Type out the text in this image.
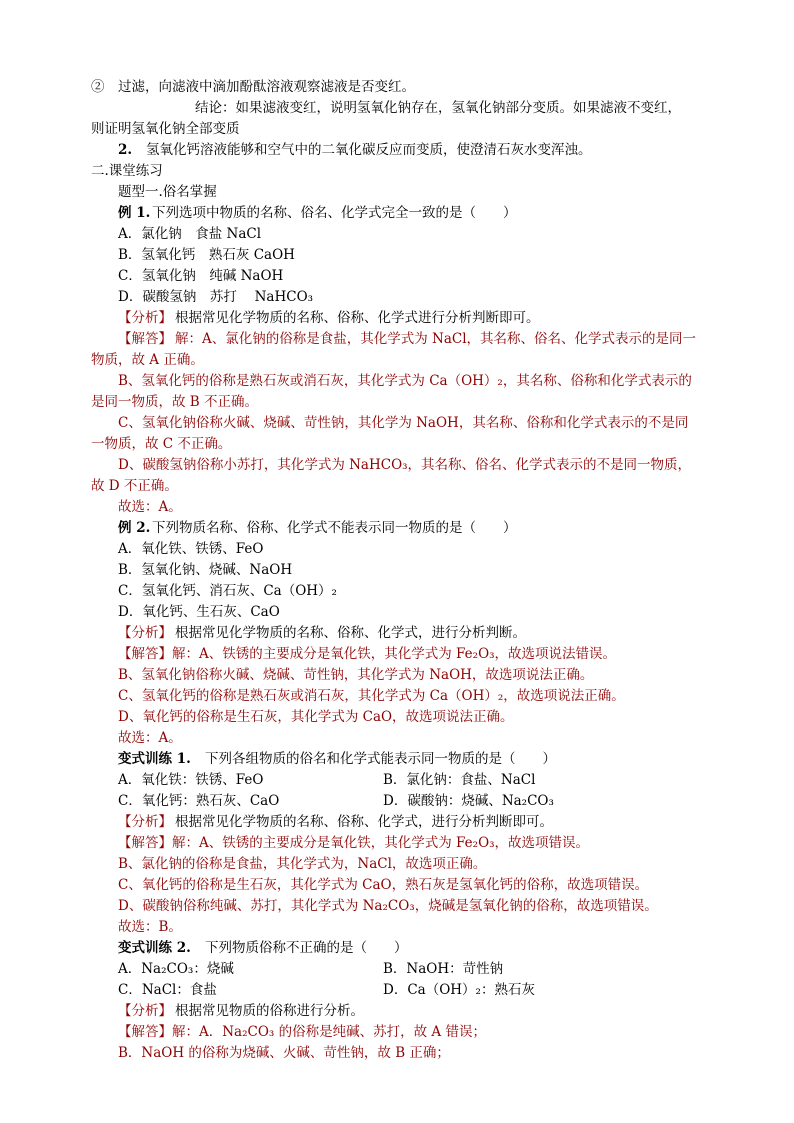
②　过滤，向滤液中滴加酚酞溶液观察滤液是否变红。
结论：如果滤液变红，说明氢氧化钠存在，氢氧化钠部分变质。如果滤液不变红，
则证明氢氧化钠全部变质
2. 氢氧化钙溶液能够和空气中的二氧化碳反应而变质，使澄清石灰水变浑浊。
二.课堂练习
题型一.俗名掌握
例 1. 下列选项中物质的名称、俗名、化学式完全一致的是（　　）
A．氯化钠　食盐 NaCl
B．氢氧化钙　熟石灰 CaOH
C．氢氧化钠　纯碱 NaOH
D．碳酸氢钠　苏打　 NaHCO₃
【分析】 根据常见化学物质的名称、俗称、化学式进行分析判断即可。
【解答】 解：A、氯化钠的俗称是食盐，其化学式为 NaCl，其名称、俗名、化学式表示的是同一
物质，故 A 正确。
B、氢氧化钙的俗称是熟石灰或消石灰，其化学式为 Ca（OH）₂，其名称、俗称和化学式表示的
是同一物质，故 B 不正确。
C、氢氧化钠俗称火碱、烧碱、苛性钠，其化学为 NaOH，其名称、俗称和化学式表示的不是同
一物质，故 C 不正确。
D、碳酸氢钠俗称小苏打，其化学式为 NaHCO₃，其名称、俗名、化学式表示的不是同一物质，
故 D 不正确。
故选：A。
例 2. 下列物质名称、俗称、化学式不能表示同一物质的是（　　）
A．氧化铁、铁锈、FeO
B．氢氧化钠、烧碱、NaOH
C．氢氧化钙、消石灰、Ca（OH）₂
D．氧化钙、生石灰、CaO
【分析】 根据常见化学物质的名称、俗称、化学式，进行分析判断。
【解答】解：A、铁锈的主要成分是氧化铁，其化学式为 Fe₂O₃，故选项说法错误。
B、氢氧化钠俗称火碱、烧碱、苛性钠，其化学式为 NaOH，故选项说法正确。
C、氢氧化钙的俗称是熟石灰或消石灰，其化学式为 Ca（OH）₂，故选项说法正确。
D、氧化钙的俗称是生石灰，其化学式为 CaO，故选项说法正确。
故选：A。
变式训练 1. 下列各组物质的俗名和化学式能表示同一物质的是（　　）
A．氧化铁：铁锈、FeO	B．氯化钠：食盐、NaCl
C．氧化钙：熟石灰、CaO	D．碳酸钠：烧碱、Na₂CO₃
【分析】 根据常见化学物质的名称、俗称、化学式，进行分析判断即可。
【解答】解：A、铁锈的主要成分是氧化铁，其化学式为 Fe₂O₃，故选项错误。
B、氯化钠的俗称是食盐，其化学式为，NaCl，故选项正确。
C、氧化钙的俗称是生石灰，其化学式为 CaO，熟石灰是氢氧化钙的俗称，故选项错误。
D、碳酸钠俗称纯碱、苏打，其化学式为 Na₂CO₃，烧碱是氢氧化钠的俗称，故选项错误。
故选：B。
变式训练 2. 下列物质俗称不正确的是（　　）
A．Na₂CO₃：烧碱	B．NaOH：苛性钠
C．NaCl：食盐	D．Ca（OH）₂：熟石灰
【分析】 根据常见物质的俗称进行分析。
【解答】解：A．Na₂CO₃ 的俗称是纯碱、苏打，故 A 错误；
B．NaOH 的俗称为烧碱、火碱、苛性钠，故 B 正确；
